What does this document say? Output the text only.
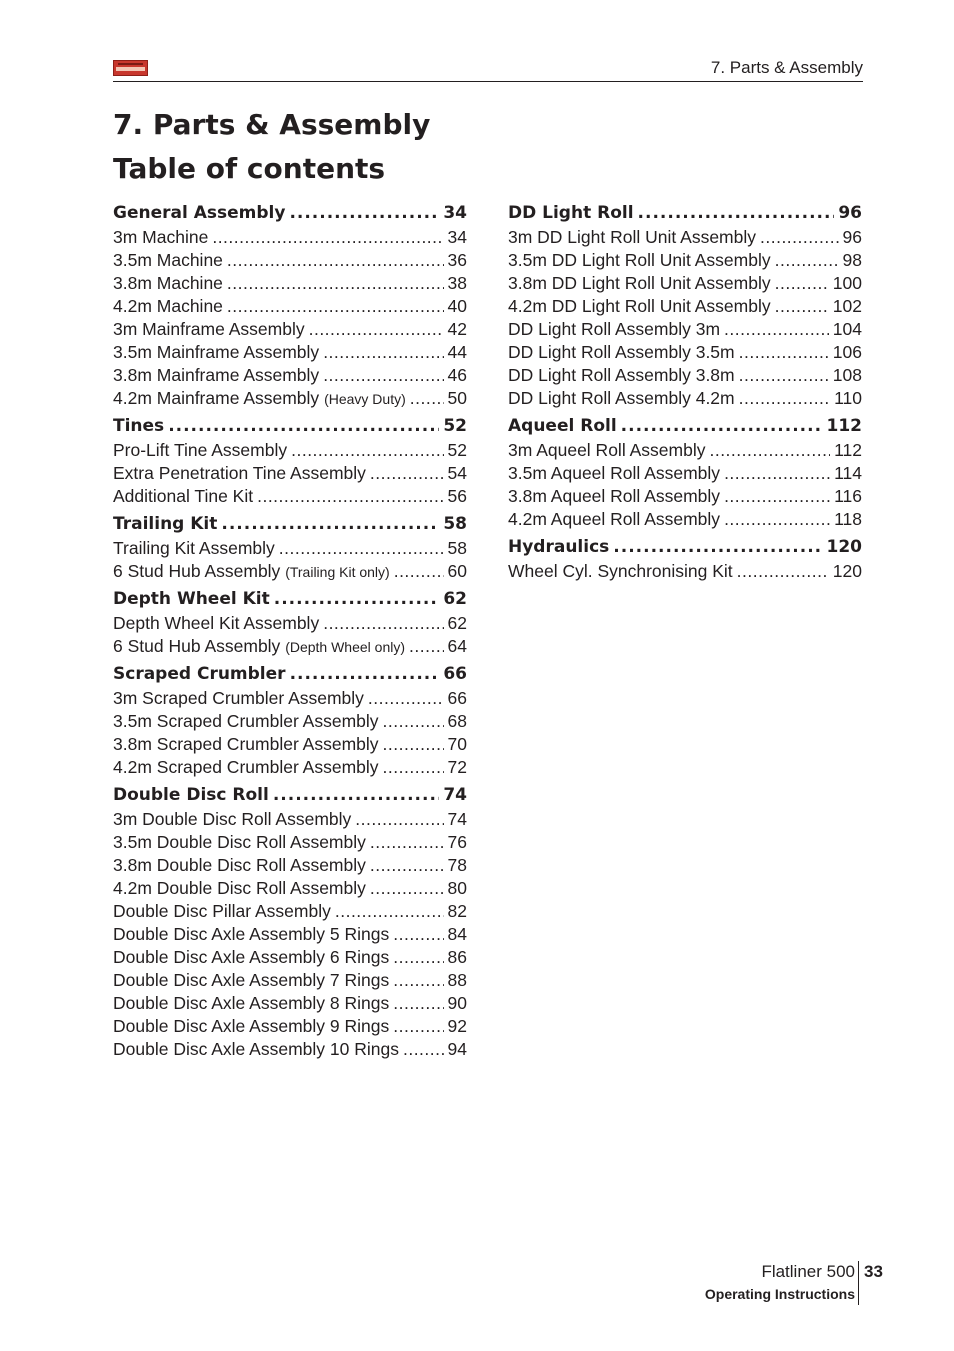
7. Parts & Assembly
7. Parts & Assembly
Table of contents
General Assembly .....	34
3m Machine .....	34
3.5m Machine .....	36
3.8m Machine .....	38
4.2m Machine .....	40
3m Mainframe Assembly .....	42
3.5m Mainframe Assembly .....	44
3.8m Mainframe Assembly .....	46
4.2m Mainframe Assembly (Heavy Duty) ..... 50
Tines .....	52
Pro-Lift Tine Assembly .....	52
Extra Penetration Tine Assembly .....	54
Additional Tine Kit .....	56
Trailing Kit .....	58
Trailing Kit Assembly .....	58
6 Stud Hub Assembly (Trailing Kit only) .....	60
Depth Wheel Kit .....	62
Depth Wheel Kit Assembly .....	62
6 Stud Hub Assembly (Depth Wheel only) ..... 64
Scraped Crumbler .....	66
3m Scraped Crumbler Assembly .....	66
3.5m Scraped Crumbler Assembly .....	68
3.8m Scraped Crumbler Assembly .....	70
4.2m Scraped Crumbler Assembly .....	72
Double Disc Roll .....	74
3m Double Disc Roll Assembly .....	74
3.5m Double Disc Roll Assembly .....	76
3.8m Double Disc Roll Assembly .....	78
4.2m Double Disc Roll Assembly .....	80
Double Disc Pillar Assembly .....	82
Double Disc Axle Assembly 5 Rings .....	84
Double Disc Axle Assembly 6 Rings .....	86
Double Disc Axle Assembly 7 Rings .....	88
Double Disc Axle Assembly 8 Rings .....	90
Double Disc Axle Assembly 9 Rings .....	92
Double Disc Axle Assembly 10 Rings .....	94
DD Light Roll .....	96
3m DD Light Roll Unit Assembly .....	96
3.5m DD Light Roll Unit Assembly .....	98
3.8m DD Light Roll Unit Assembly .....	100
4.2m DD Light Roll Unit Assembly .....	102
DD Light Roll Assembly 3m .....	104
DD Light Roll Assembly 3.5m .....	106
DD Light Roll Assembly 3.8m .....	108
DD Light Roll Assembly 4.2m .....	110
Aqueel Roll .....	112
3m Aqueel Roll Assembly .....	112
3.5m Aqueel Roll Assembly .....	114
3.8m Aqueel Roll Assembly .....	116
4.2m Aqueel Roll Assembly .....	118
Hydraulics .....	120
Wheel Cyl. Synchronising Kit .....	120
Flatliner 500
Operating Instructions
33
